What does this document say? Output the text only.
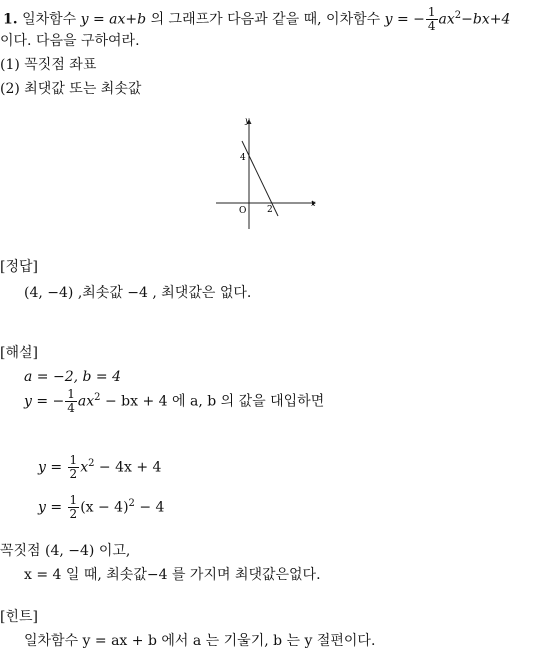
1. 일차함수 y = ax+b 의 그래프가 다음과 같을 때, 이차함수 y = − $\frac{1}{4} ax^2-bx+4$
이다. 다음을 구하여라.
(1) 꼭짓점 좌표
(2) 최댓값 또는 최솟값
y
x
O
4
2
[정답]
(4, −4) ,최솟값 −4 , 최댓값은 없다.
[해설]
a = −2, b = 4
y = − $\frac{1}{4} ax^2$ − bx + 4 에 a, b 의 값을 대입하면
$y = \frac{1}{2} x^2 - 4x + 4$
$y = \frac{1}{2} (x - 4)^2 - 4$
꼭짓점 (4, −4) 이고,
x = 4 일 때, 최솟값−4 를 가지며 최댓값은없다.
[힌트]
일차함수 y = ax + b 에서 a 는 기울기, b 는 y 절편이다.
